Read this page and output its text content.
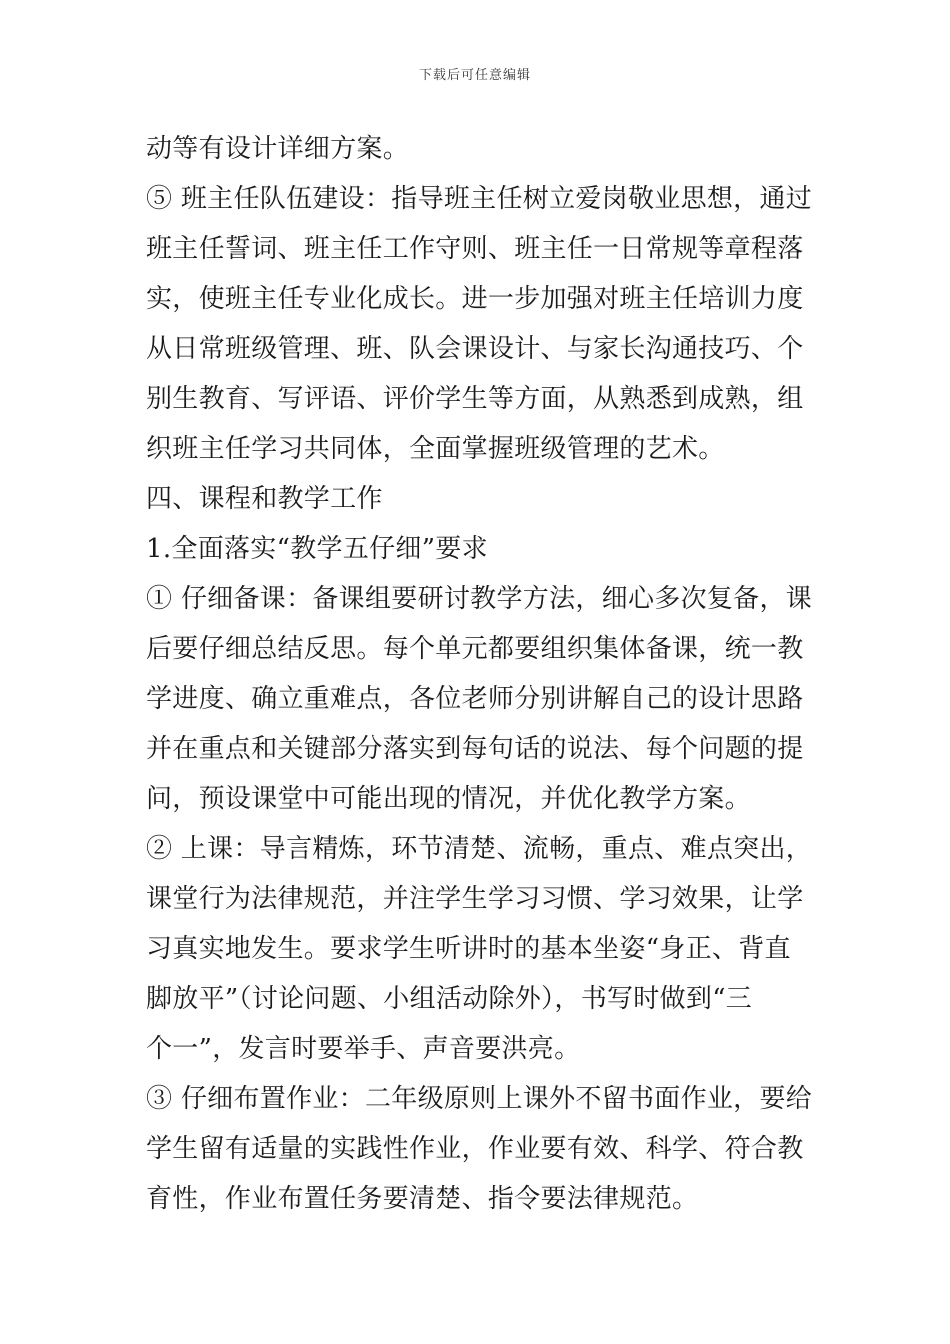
下载后可任意编辑
动等有设计详细方案。
⑤ 班主任队伍建设：指导班主任树立爱岗敬业思想，通过
班主任誓词、班主任工作守则、班主任一日常规等章程落
实，使班主任专业化成长。进一步加强对班主任培训力度
从日常班级管理、班、队会课设计、与家长沟通技巧、个
别生教育、写评语、评价学生等方面，从熟悉到成熟，组
织班主任学习共同体，全面掌握班级管理的艺术。
四、课程和教学工作
1.全面落实“教学五仔细”要求
① 仔细备课：备课组要研讨教学方法，细心多次复备，课
后要仔细总结反思。每个单元都要组织集体备课，统一教
学进度、确立重难点，各位老师分别讲解自己的设计思路
并在重点和关键部分落实到每句话的说法、每个问题的提
问，预设课堂中可能出现的情况，并优化教学方案。
② 上课：导言精炼，环节清楚、流畅，重点、难点突出，
课堂行为法律规范，并注学生学习习惯、学习效果，让学
习真实地发生。要求学生听讲时的基本坐姿“身正、背直
脚放平”（讨论问题、小组活动除外），书写时做到“三
个一”，发言时要举手、声音要洪亮。
③ 仔细布置作业：二年级原则上课外不留书面作业，要给
学生留有适量的实践性作业，作业要有效、科学、符合教
育性，作业布置任务要清楚、指令要法律规范。
